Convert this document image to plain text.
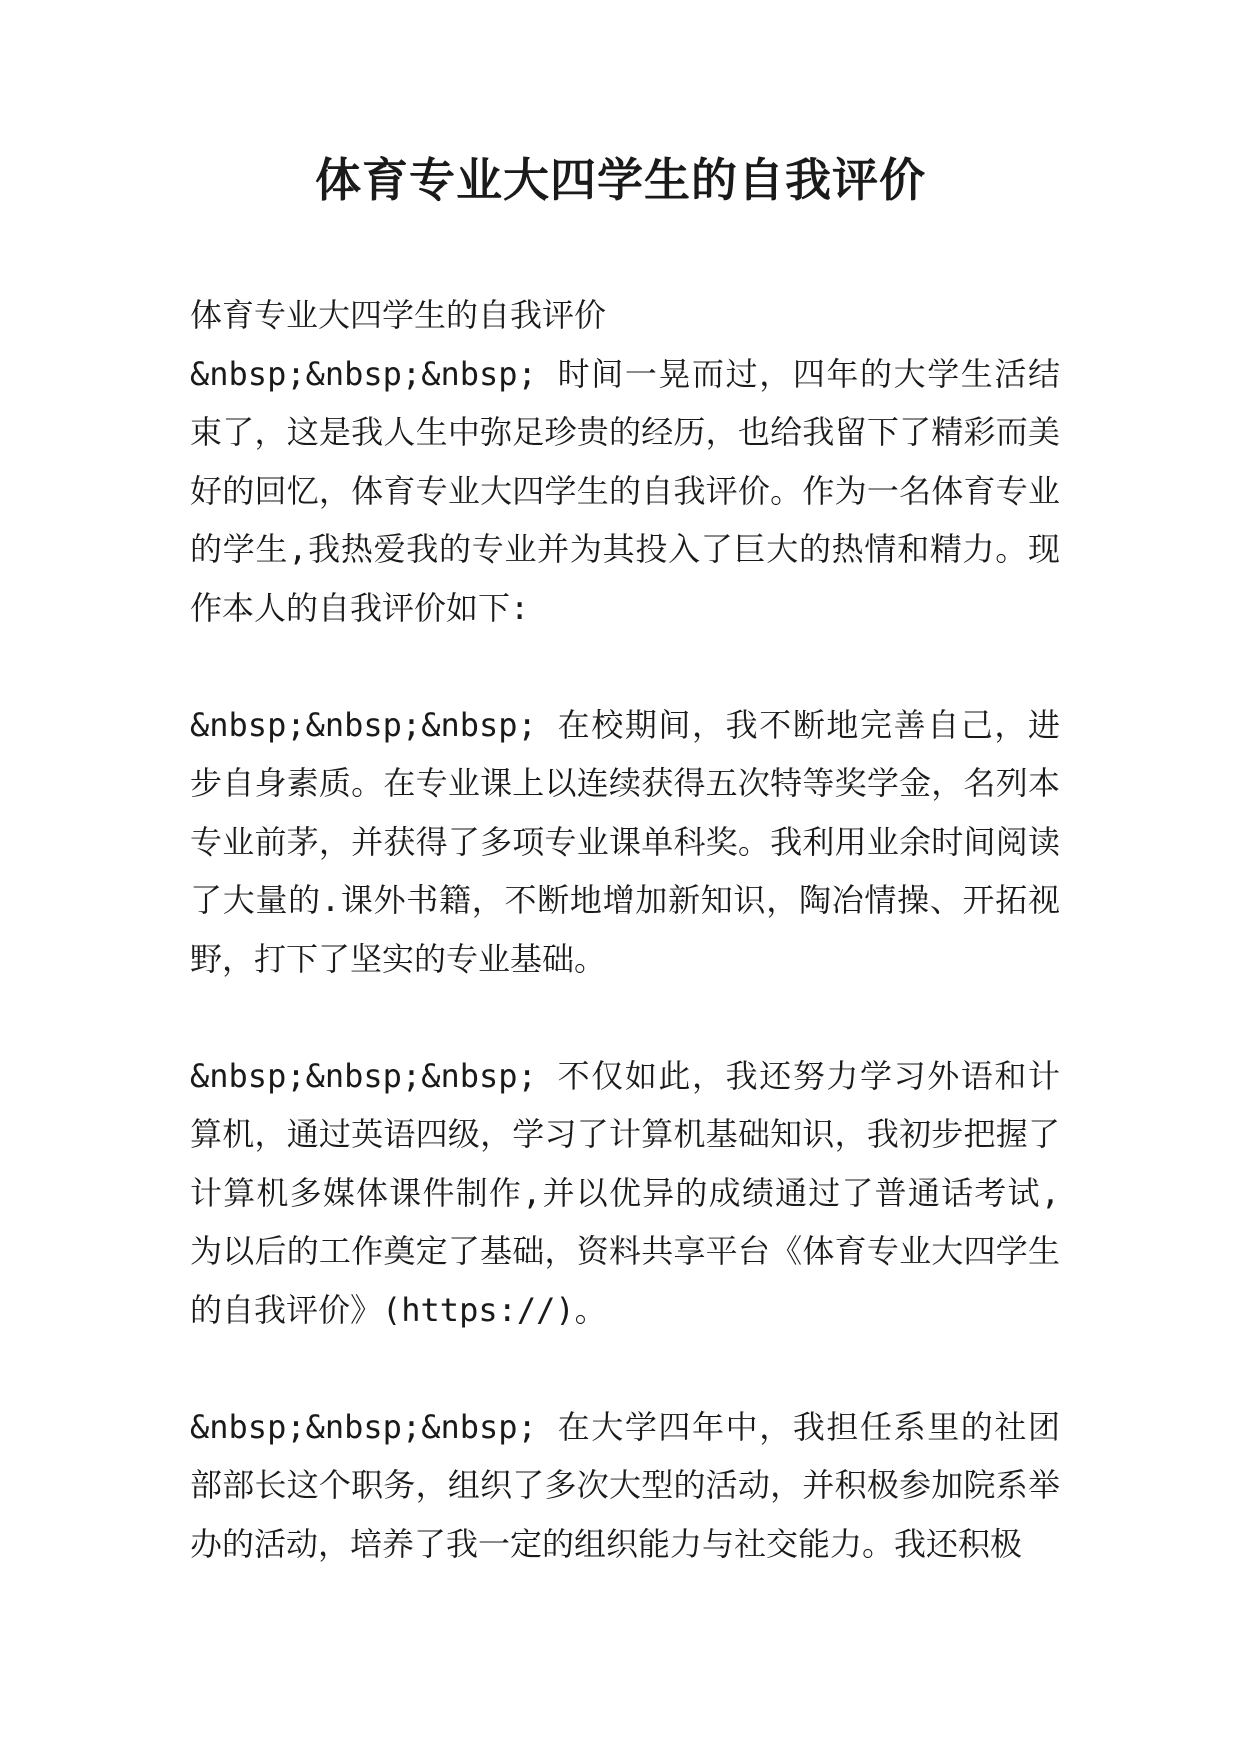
体育专业大四学生的自我评价

体育专业大四学生的自我评价

&nbsp;&nbsp;&nbsp; 时间一晃而过，四年的大学生活结束了，这是我人生中弥足珍贵的经历，也给我留下了精彩而美好的回忆，体育专业大四学生的自我评价。作为一名体育专业的学生,我热爱我的专业并为其投入了巨大的热情和精力。现作本人的自我评价如下:

&nbsp;&nbsp;&nbsp; 在校期间，我不断地完善自己，进步自身素质。在专业课上以连续获得五次特等奖学金，名列本专业前茅，并获得了多项专业课单科奖。我利用业余时间阅读了大量的.课外书籍，不断地增加新知识，陶冶情操、开拓视野，打下了坚实的专业基础。

&nbsp;&nbsp;&nbsp; 不仅如此，我还努力学习外语和计算机，通过英语四级，学习了计算机基础知识，我初步把握了计算机多媒体课件制作,并以优异的成绩通过了普通话考试,为以后的工作奠定了基础，资料共享平台《体育专业大四学生的自我评价》(https://)。

&nbsp;&nbsp;&nbsp; 在大学四年中，我担任系里的社团部部长这个职务，组织了多次大型的活动，并积极参加院系举办的活动，培养了我一定的组织能力与社交能力。我还积极
